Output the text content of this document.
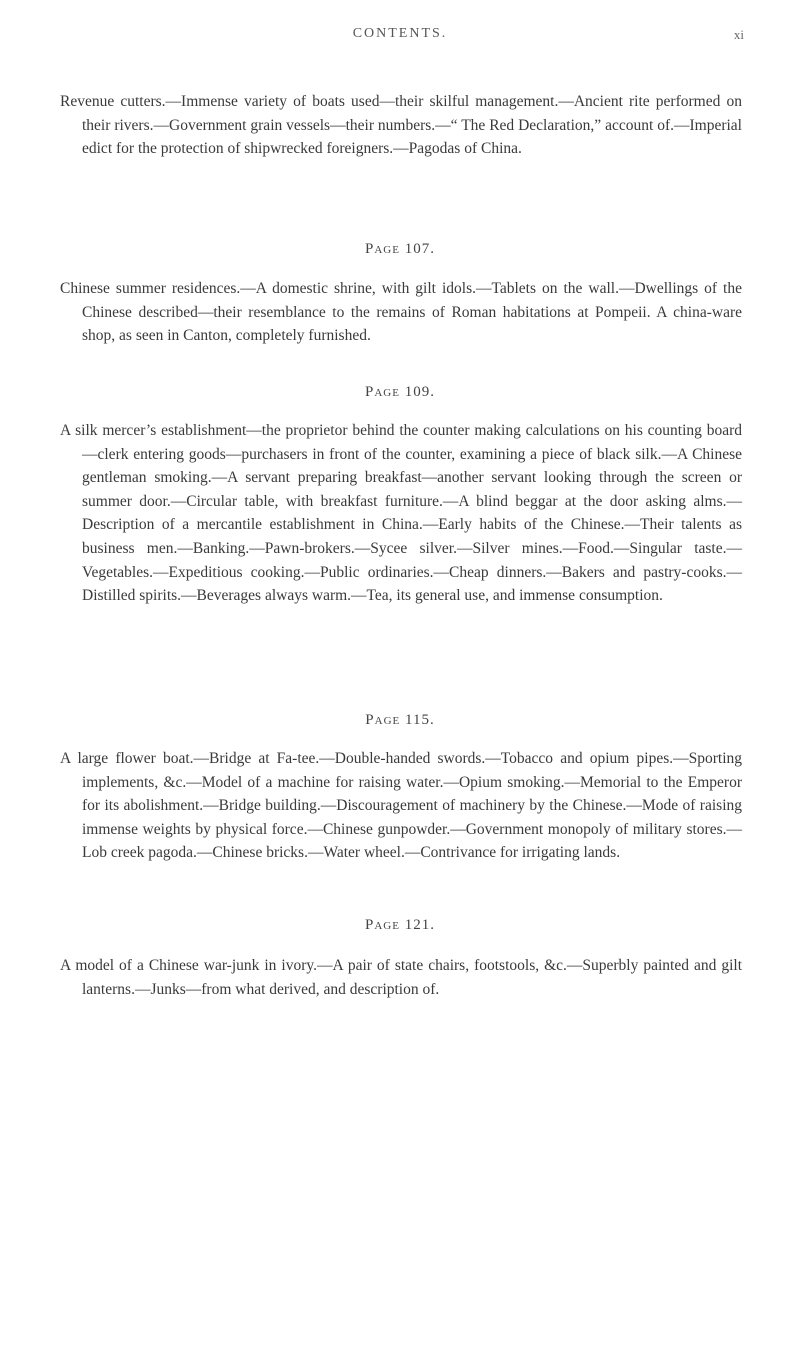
CONTENTS.	xi

Revenue cutters.—Immense variety of boats used—their skilful management.—Ancient rite performed on their rivers.—Government grain vessels—their numbers.—“ The Red Declaration,” account of.—Imperial edict for the protection of shipwrecked foreigners.—Pagodas of China.

Page 107.

Chinese summer residences.—A domestic shrine, with gilt idols.—Tablets on the wall.—Dwellings of the Chinese described—their resemblance to the remains of Roman habitations at Pompeii. A china-ware shop, as seen in Canton, completely furnished.

Page 109.

A silk mercer’s establishment—the proprietor behind the counter making calculations on his counting board—clerk entering goods—purchasers in front of the counter, examining a piece of black silk.—A Chinese gentleman smoking.—A servant preparing breakfast—another servant looking through the screen or summer door.—Circular table, with breakfast furniture.—A blind beggar at the door asking alms.—Description of a mercantile establishment in China.—Early habits of the Chinese.—Their talents as business men.—Banking.—Pawn-brokers.—Sycee silver.—Silver mines.—Food.—Singular taste.—Vegetables.—Expeditious cooking.—Public ordinaries.—Cheap dinners.—Bakers and pastry-cooks.—Distilled spirits.—Beverages always warm.—Tea, its general use, and immense consumption.

Page 115.

A large flower boat.—Bridge at Fa-tee.—Double-handed swords.—Tobacco and opium pipes.—Sporting implements, &c.—Model of a machine for raising water.—Opium smoking.—Memorial to the Emperor for its abolishment.—Bridge building.—Discouragement of machinery by the Chinese.—Mode of raising immense weights by physical force.—Chinese gunpowder.—Government monopoly of military stores.—Lob creek pagoda.—Chinese bricks.—Water wheel.—Contrivance for irrigating lands.

Page 121.

A model of a Chinese war-junk in ivory.—A pair of state chairs, footstools, &c.—Superbly painted and gilt lanterns.—Junks—from what derived, and description of.
